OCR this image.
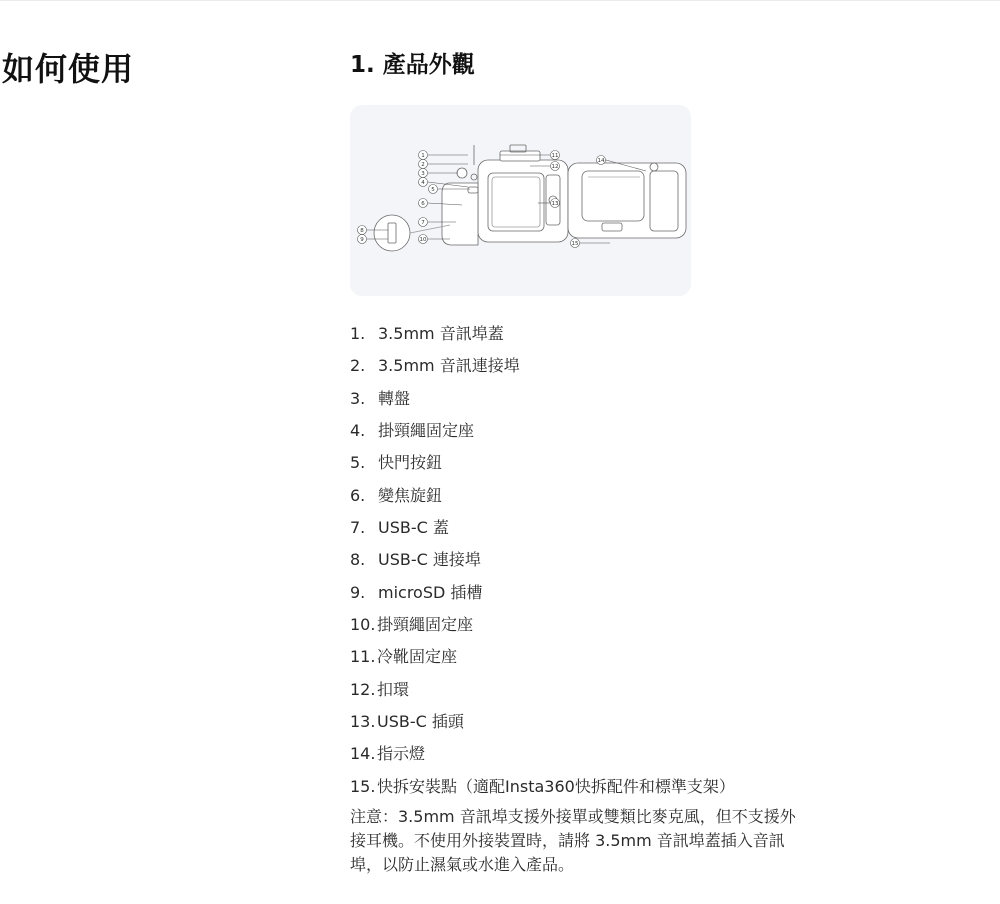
如何使用	1. 產品外觀
1
2
3
4
5
6
7
8
9	10
11
12
13
14
15
1. 3.5mm 音訊埠蓋
2. 3.5mm 音訊連接埠
3. 轉盤
4. 掛頸繩固定座
5. 快門按鈕
6. 變焦旋鈕
7. USB-C 蓋
8. USB-C 連接埠
9. microSD 插槽
10.掛頸繩固定座
11.冷靴固定座
12.扣環
13.USB-C 插頭
14.指示燈
15.快拆安裝點（適配Insta360快拆配件和標準支架）

注意：3.5mm 音訊埠支援外接單或雙類比麥克風，但不支援外接耳機。不使用外接裝置時，請將 3.5mm 音訊埠蓋插入音訊埠，以防止濕氣或水進入產品。
